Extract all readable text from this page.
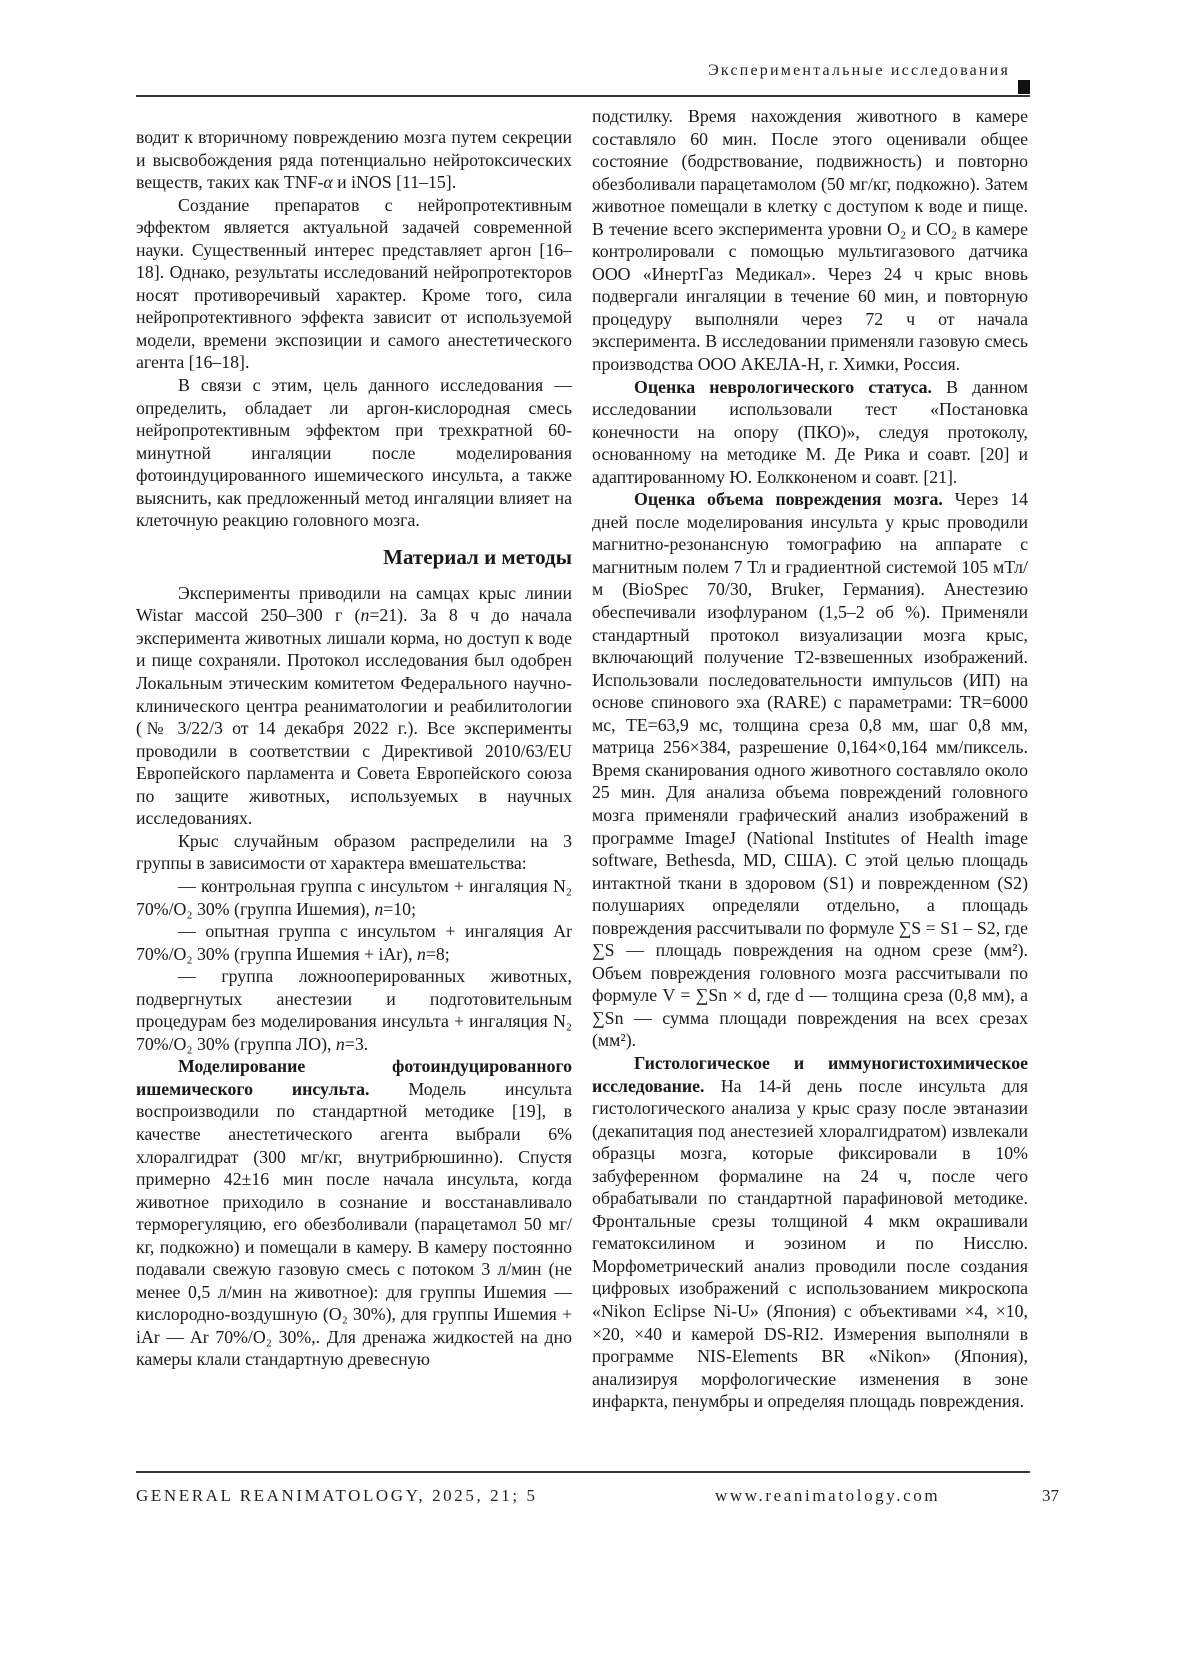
Экспериментальные исследования

водит к вторичному повреждению мозга путем секреции и высвобождения ряда потенциально нейротоксических веществ, таких как TNF-α и iNOS [11–15].

Создание препаратов с нейропротективным эффектом является актуальной задачей современной науки. Существенный интерес представляет аргон [16–18]. Однако, результаты исследований нейропротекторов носят противоречивый характер. Кроме того, сила нейропротективного эффекта зависит от используемой модели, времени экспозиции и самого анестетического агента [16–18].

В связи с этим, цель данного исследования — определить, обладает ли аргон-кислородная смесь нейропротективным эффектом при трехкратной 60-минутной ингаляции после моделирования фотоиндуцированного ишемического инсульта, а также выяснить, как предложенный метод ингаляции влияет на клеточную реакцию головного мозга.

Материал и методы

Эксперименты приводили на самцах крыс линии Wistar массой 250–300 г (n=21). За 8 ч до начала эксперимента животных лишали корма, но доступ к воде и пище сохраняли. Протокол исследования был одобрен Локальным этическим комитетом Федерального научно-клинического центра реаниматологии и реабилитологии (№ 3/22/3 от 14 декабря 2022 г.). Все эксперименты проводили в соответствии с Директивой 2010/63/EU Европейского парламента и Совета Европейского союза по защите животных, используемых в научных исследованиях.

Крыс случайным образом распределили на 3 группы в зависимости от характера вмешательства:

— контрольная группа с инсультом + ингаляция N₂ 70%/O₂ 30% (группа Ишемия), n=10;

— опытная группа с инсультом + ингаляция Ar 70%/O₂ 30% (группа Ишемия + iAr), n=8;

— группа ложнооперированных животных, подвергнутых анестезии и подготовительным процедурам без моделирования инсульта + ингаляция N₂ 70%/O₂ 30% (группа ЛО), n=3.

Моделирование фотоиндуцированного ишемического инсульта. Модель инсульта воспроизводили по стандартной методике [19], в качестве анестетического агента выбрали 6% хлоралгидрат (300 мг/кг, внутрибрюшинно). Спустя примерно 42±16 мин после начала инсульта, когда животное приходило в сознание и восстанавливало терморегуляцию, его обезболивали (парацетамол 50 мг/кг, подкожно) и помещали в камеру. В камеру постоянно подавали свежую газовую смесь с потоком 3 л/мин (не менее 0,5 л/мин на животное): для группы Ишемия — кислородно-воздушную (O₂ 30%), для группы Ишемия + iAr — Ar 70%/O₂ 30%,. Для дренажа жидкостей на дно камеры клали стандартную древесную

подстилку. Время нахождения животного в камере составляло 60 мин. После этого оценивали общее состояние (бодрствование, подвижность) и повторно обезболивали парацетамолом (50 мг/кг, подкожно). Затем животное помещали в клетку с доступом к воде и пище. В течение всего эксперимента уровни O₂ и CO₂ в камере контролировали с помощью мультигазового датчика ООО «ИнертГаз Медикал». Через 24 ч крыс вновь подвергали ингаляции в течение 60 мин, и повторную процедуру выполняли через 72 ч от начала эксперимента. В исследовании применяли газовую смесь производства ООО АКЕЛА-Н, г. Химки, Россия.

Оценка неврологического статуса. В данном исследовании использовали тест «Постановка конечности на опору (ПКО)», следуя протоколу, основанному на методике М. Де Рика и соавт. [20] и адаптированному Ю. Еолкконеном и соавт. [21].

Оценка объема повреждения мозга. Через 14 дней после моделирования инсульта у крыс проводили магнитно-резонансную томографию на аппарате с магнитным полем 7 Тл и градиентной системой 105 мТл/м (BioSpec 70/30, Bruker, Германия). Анестезию обеспечивали изофлураном (1,5–2 об %). Применяли стандартный протокол визуализации мозга крыс, включающий получение Т2-взвешенных изображений. Использовали последовательности импульсов (ИП) на основе спинового эха (RARE) с параметрами: TR=6000 мс, TE=63,9 мс, толщина среза 0,8 мм, шаг 0,8 мм, матрица 256×384, разрешение 0,164×0,164 мм/пиксель. Время сканирования одного животного составляло около 25 мин. Для анализа объема повреждений головного мозга применяли графический анализ изображений в программе ImageJ (National Institutes of Health image software, Bethesda, MD, США). С этой целью площадь интактной ткани в здоровом (S1) и поврежденном (S2) полушариях определяли отдельно, а площадь повреждения рассчитывали по формуле ∑S = S1 – S2, где ∑S — площадь повреждения на одном срезе (мм²). Объем повреждения головного мозга рассчитывали по формуле V = ∑Sn × d, где d — толщина среза (0,8 мм), а ∑Sn — сумма площади повреждения на всех срезах (мм²).

Гистологическое и иммуногистохимическое исследование. На 14-й день после инсульта для гистологического анализа у крыс сразу после эвтаназии (декапитация под анестезией хлоралгидратом) извлекали образцы мозга, которые фиксировали в 10% забуференном формалине на 24 ч, после чего обрабатывали по стандартной парафиновой методике. Фронтальные срезы толщиной 4 мкм окрашивали гематоксилином и эозином и по Нисслю. Морфометрический анализ проводили после создания цифровых изображений с использованием микроскопа «Nikon Eclipse Ni-U» (Япония) с объективами ×4, ×10, ×20, ×40 и камерой DS-RI2. Измерения выполняли в программе NIS-Elements BR «Nikon» (Япония), анализируя морфологические изменения в зоне инфаркта, пенумбры и определяя площадь повреждения.

GENERAL REANIMATOLOGY, 2025, 21; 5	www.reanimatology.com	37
